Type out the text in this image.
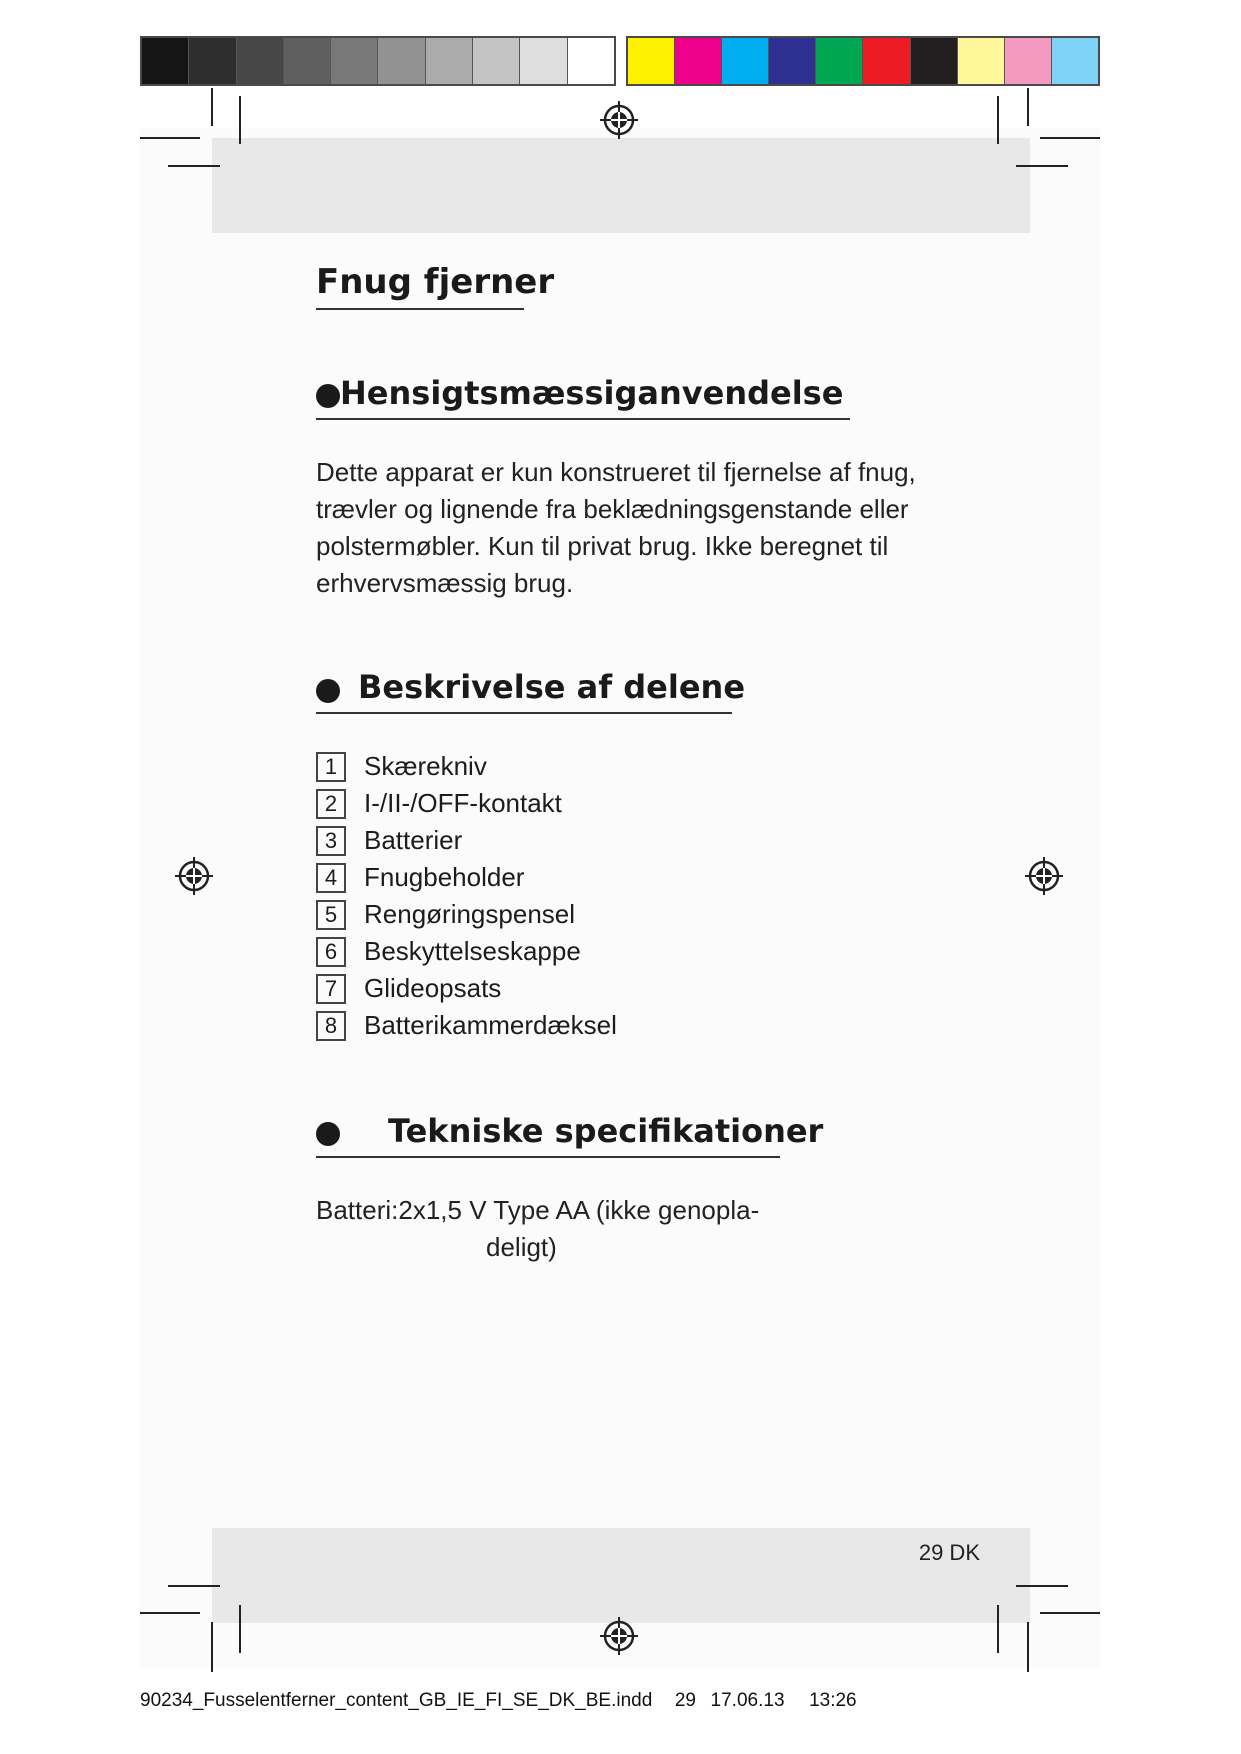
Fnug fjerner
Hensigtsmæssiganvendelse
Dette apparat er kun konstrueret til fjernelse af fnug,
trævler og lignende fra beklædningsgenstande eller
polstermøbler. Kun til privat brug. Ikke beregnet til
erhvervsmæssig brug.
Beskrivelse af delene
1	Skærekniv
2	I-/II-/OFF-kontakt
3	Batterier
4	Fnugbeholder
5	Rengøringspensel
6	Beskyttelseskappe
7	Glideopsats
8	Batterikammerdæksel
Tekniske specifikationer
Batteri:2x1,5 V Type AA (ikke genopla-
deligt)
29 DK
90234_Fusselentferner_content_GB_IE_FI_SE_DK_BE.indd 29 17.06.13 13:26
